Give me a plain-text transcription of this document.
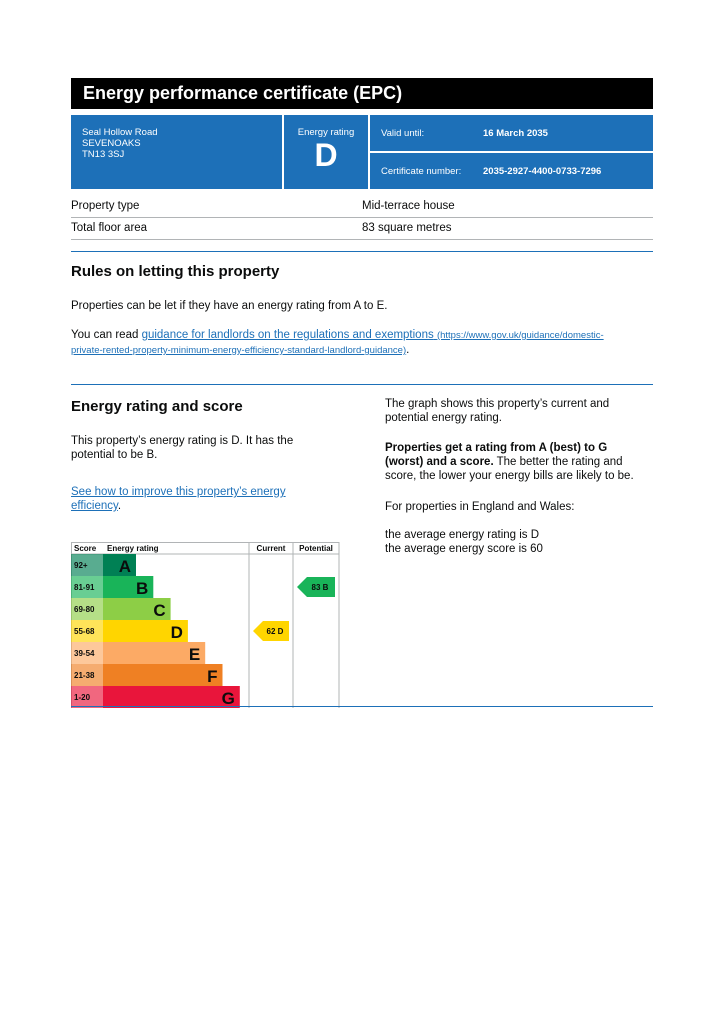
Energy performance certificate (EPC)
Seal Hollow Road
SEVENOAKS
TN13 3SJ
Energy rating
D
Valid until:	16 March 2035
Certificate number:	2035-2927-4400-0733-7296
Property type	Mid-terrace house
Total floor area	83 square metres
Rules on letting this property

Properties can be let if they have an energy rating from A to E.

You can read guidance for landlords on the regulations and exemptions (https://www.gov.uk/guidance/domestic-
private-rented-property-minimum-energy-efficiency-standard-landlord-guidance).

Energy rating and score

This property’s energy rating is D. It has the potential to be B.

See how to improve this property’s energy efficiency.

Score Energy rating	Current Potential
92+ A
81-91 B
69-80	C
55-68	D
39-54	E
21-38	F
1-20	G
62 D
83 B

The graph shows this property’s current and potential energy rating.

Properties get a rating from A (best) to G (worst) and a score. The better the rating and score, the lower your energy bills are likely to be.

For properties in England and Wales:

the average energy rating is D

the average energy score is 60
